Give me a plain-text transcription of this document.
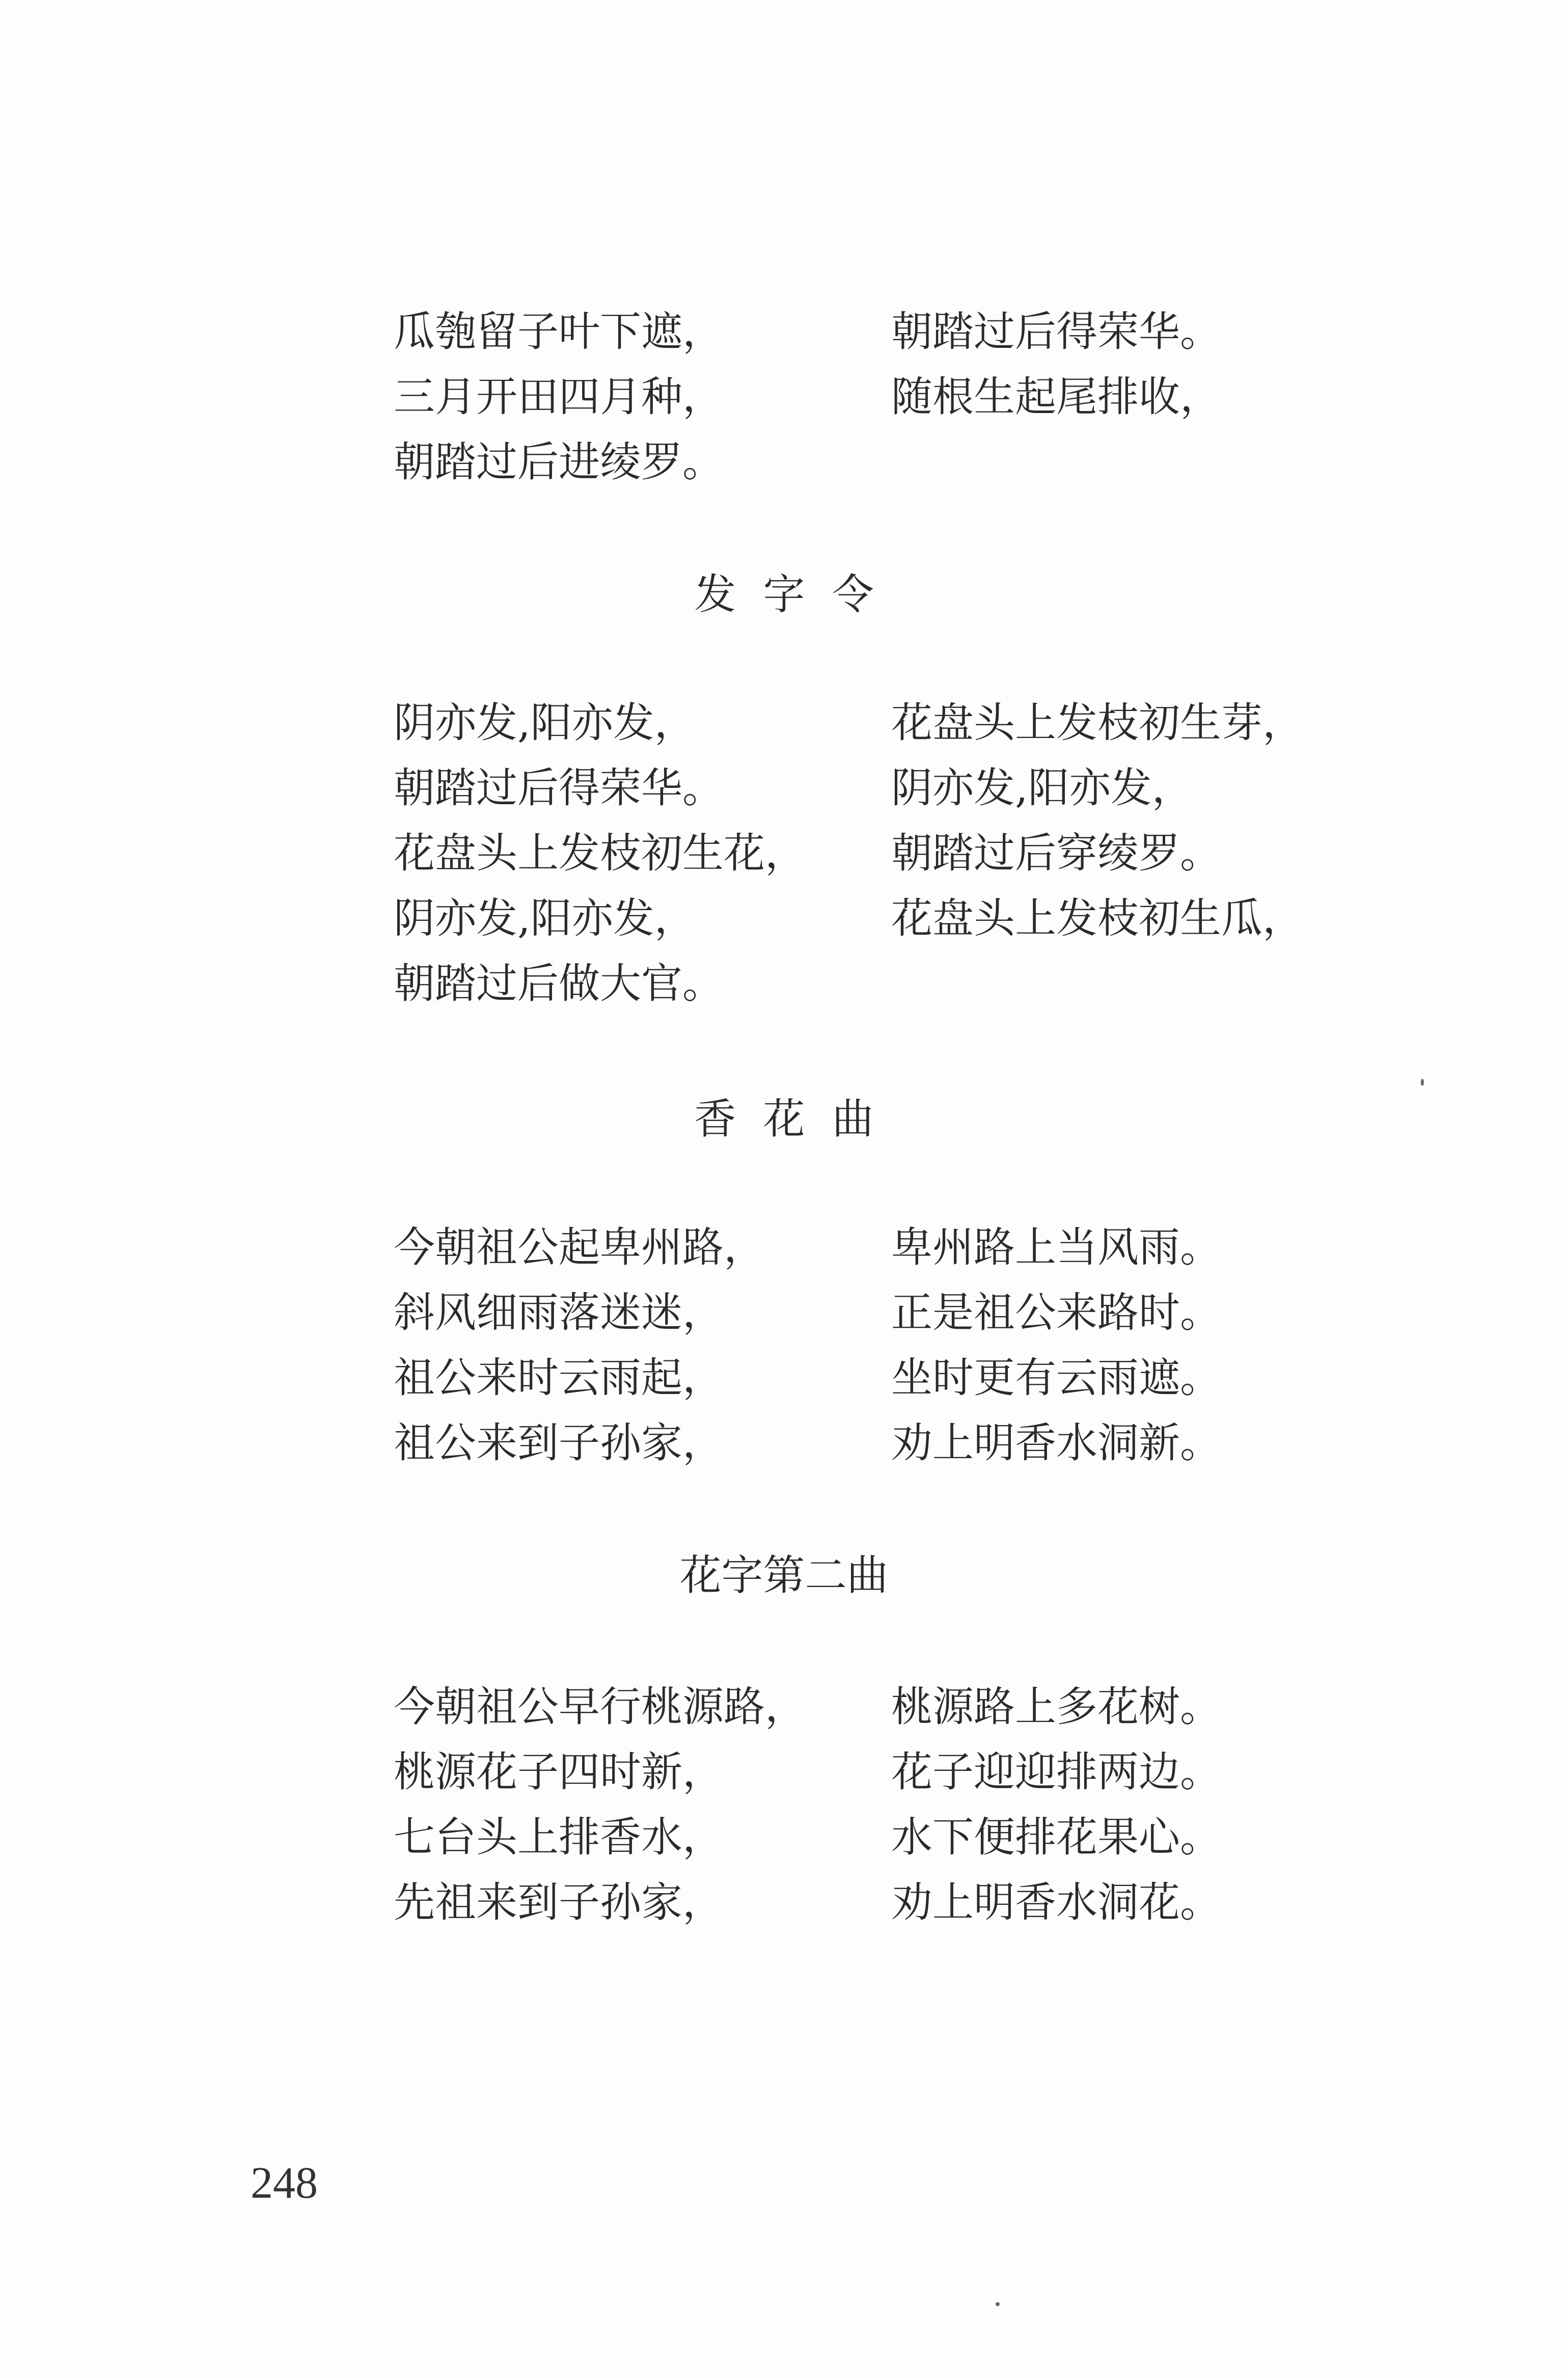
瓜匏留子叶下遮，
三月开田四月种，
朝踏过后进绫罗。
朝踏过后得荣华。
随根生起尾排收，
发字令
阴亦发,阳亦发，
朝踏过后得荣华。
花盘头上发枝初生花，
阴亦发,阳亦发，
朝踏过后做大官。
花盘头上发枝初生芽，
阴亦发,阳亦发，
朝踏过后穿绫罗。
花盘头上发枝初生瓜，
香花曲
今朝祖公起卑州路，
斜风细雨落迷迷，
祖公来时云雨起，
祖公来到子孙家，
卑州路上当风雨。
正是祖公来路时。
坐时更有云雨遮。
劝上明香水洞新。
花字第二曲
今朝祖公早行桃源路，
桃源花子四时新，
七台头上排香水，
先祖来到子孙家，
桃源路上多花树。
花子迎迎排两边。
水下便排花果心。
劝上明香水洞花。
248
